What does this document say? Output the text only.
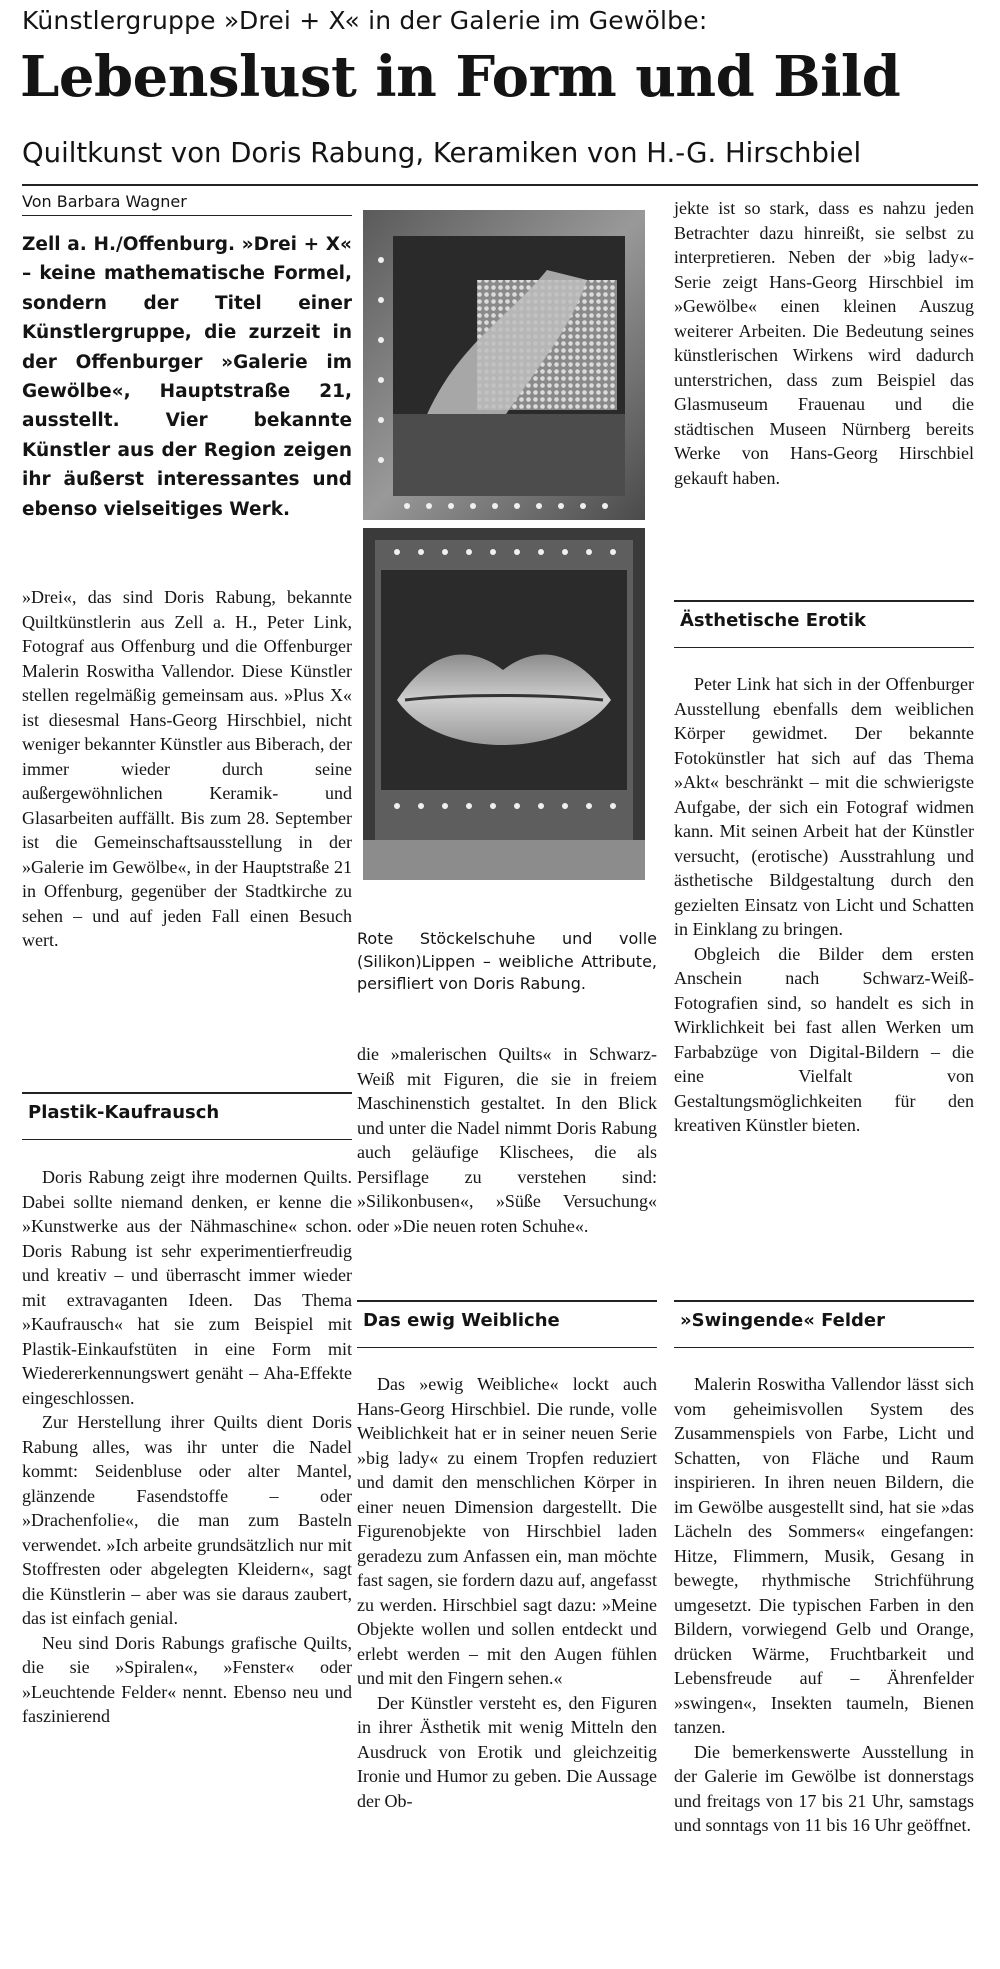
Künstlergruppe »Drei + X« in der Galerie im Gewölbe:
Lebenslust in Form und Bild
Quiltkunst von Doris Rabung, Keramiken von H.-G. Hirschbiel
Von Barbara Wagner
Zell a. H./Offenburg. »Drei + X« – keine mathematische Formel, sondern der Titel einer Künstlergruppe, die zurzeit in der Offenburger »Galerie im Gewölbe«, Hauptstraße 21, ausstellt. Vier bekannte Künstler aus der Region zeigen ihr äußerst interessantes und ebenso vielseitiges Werk.

»Drei«, das sind Doris Rabung, bekannte Quiltkünstlerin aus Zell a. H., Peter Link, Fotograf aus Offenburg und die Offenburger Malerin Roswitha Vallendor. Diese Künstler stellen regelmäßig gemeinsam aus. »Plus X« ist diesesmal Hans-Georg Hirschbiel, nicht weniger bekannter Künstler aus Biberach, der immer wieder durch seine außergewöhnlichen Keramik- und Glasarbeiten auffällt. Bis zum 28. September ist die Gemeinschaftsausstellung in der »Galerie im Gewölbe«, in der Hauptstraße 21 in Offenburg, gegenüber der Stadtkirche zu sehen – und auf jeden Fall einen Besuch wert.

Plastik-Kaufrausch

Doris Rabung zeigt ihre modernen Quilts. Dabei sollte niemand denken, er kenne die »Kunstwerke aus der Nähmaschine« schon. Doris Rabung ist sehr experimentierfreudig und kreativ – und überrascht immer wieder mit extravaganten Ideen. Das Thema »Kaufrausch« hat sie zum Beispiel mit Plastik-Einkaufstüten in eine Form mit Wiedererkennungswert genäht – Aha-Effekte eingeschlossen.

Zur Herstellung ihrer Quilts dient Doris Rabung alles, was ihr unter die Nadel kommt: Seidenbluse oder alter Mantel, glänzende Fasendstoffe – oder »Drachenfolie«, die man zum Basteln verwendet. »Ich arbeite grundsätzlich nur mit Stoffresten oder abgelegten Kleidern«, sagt die Künstlerin – aber was sie daraus zaubert, das ist einfach genial.

Neu sind Doris Rabungs grafische Quilts, die sie »Spiralen«, »Fenster« oder »Leuchtende Felder« nennt. Ebenso neu und faszinierend

Rote Stöckelschuhe und volle (Silikon)Lippen – weibliche Attribute, persifliert von Doris Rabung.

die »malerischen Quilts« in Schwarz-Weiß mit Figuren, die sie in freiem Maschinenstich gestaltet. In den Blick und unter die Nadel nimmt Doris Rabung auch geläufige Klischees, die als Persiflage zu verstehen sind: »Silikonbusen«, »Süße Versuchung« oder »Die neuen roten Schuhe«.

Das ewig Weibliche

Das »ewig Weibliche« lockt auch Hans-Georg Hirschbiel. Die runde, volle Weiblichkeit hat er in seiner neuen Serie »big lady« zu einem Tropfen reduziert und damit den menschlichen Körper in einer neuen Dimension dargestellt. Die Figurenobjekte von Hirschbiel laden geradezu zum Anfassen ein, man möchte fast sagen, sie fordern dazu auf, angefasst zu werden. Hirschbiel sagt dazu: »Meine Objekte wollen und sollen entdeckt und erlebt werden – mit den Augen fühlen und mit den Fingern sehen.«

Der Künstler versteht es, den Figuren in ihrer Ästhetik mit wenig Mitteln den Ausdruck von Erotik und gleichzeitig Ironie und Humor zu geben. Die Aussage der Ob-

jekte ist so stark, dass es nahzu jeden Betrachter dazu hinreißt, sie selbst zu interpretieren. Neben der »big lady«-Serie zeigt Hans-Georg Hirschbiel im »Gewölbe« einen kleinen Auszug weiterer Arbeiten. Die Bedeutung seines künstlerischen Wirkens wird dadurch unterstrichen, dass zum Beispiel das Glasmuseum Frauenau und die städtischen Museen Nürnberg bereits Werke von Hans-Georg Hirschbiel gekauft haben.

Ästhetische Erotik

Peter Link hat sich in der Offenburger Ausstellung ebenfalls dem weiblichen Körper gewidmet. Der bekannte Fotokünstler hat sich auf das Thema »Akt« beschränkt – mit die schwierigste Aufgabe, der sich ein Fotograf widmen kann. Mit seinen Arbeit hat der Künstler versucht, (erotische) Ausstrahlung und ästhetische Bildgestaltung durch den gezielten Einsatz von Licht und Schatten in Einklang zu bringen.

Obgleich die Bilder dem ersten Anschein nach Schwarz-Weiß-Fotografien sind, so handelt es sich in Wirklichkeit bei fast allen Werken um Farbabzüge von Digital-Bildern – die eine Vielfalt von Gestaltungsmöglichkeiten für den kreativen Künstler bieten.

»Swingende« Felder

Malerin Roswitha Vallendor lässt sich vom geheimisvollen System des Zusammenspiels von Farbe, Licht und Schatten, von Fläche und Raum inspirieren. In ihren neuen Bildern, die im Gewölbe ausgestellt sind, hat sie »das Lächeln des Sommers« eingefangen: Hitze, Flimmern, Musik, Gesang in bewegte, rhythmische Strichführung umgesetzt. Die typischen Farben in den Bildern, vorwiegend Gelb und Orange, drücken Wärme, Fruchtbarkeit und Lebensfreude auf – Ährenfelder »swingen«, Insekten taumeln, Bienen tanzen.

Die bemerkenswerte Ausstellung in der Galerie im Gewölbe ist donnerstags und freitags von 17 bis 21 Uhr, samstags und sonntags von 11 bis 16 Uhr geöffnet.
